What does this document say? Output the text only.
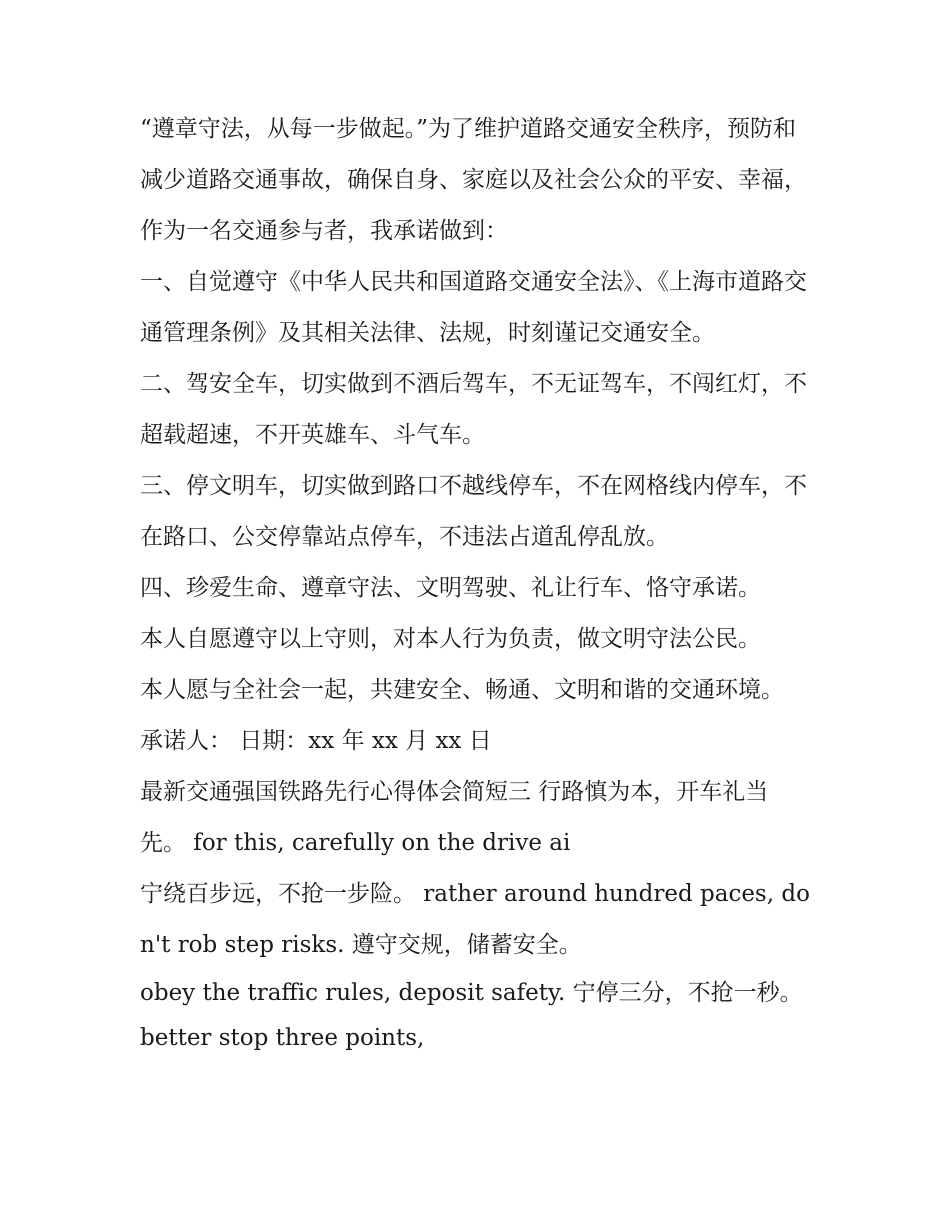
“遵章守法，从每一步做起。”为了维护道路交通安全秩序，预防和减少道路交通事故，确保自身、家庭以及社会公众的平安、幸福，作为一名交通参与者，我承诺做到：

一、自觉遵守《中华人民共和国道路交通安全法》、《上海市道路交通管理条例》及其相关法律、法规，时刻谨记交通安全。

二、驾安全车，切实做到不酒后驾车，不无证驾车，不闯红灯，不超载超速，不开英雄车、斗气车。

三、停文明车，切实做到路口不越线停车，不在网格线内停车，不在路口、公交停靠站点停车，不违法占道乱停乱放。

四、珍爱生命、遵章守法、文明驾驶、礼让行车、恪守承诺。

本人自愿遵守以上守则，对本人行为负责，做文明守法公民。

本人愿与全社会一起，共建安全、畅通、文明和谐的交通环境。 承诺人： 日期：xx 年 xx 月 xx 日

最新交通强国铁路先行心得体会简短三 行路慎为本，开车礼当先。 for this, carefully on the drive ai

宁绕百步远，不抢一步险。 rather around hundred paces, don't rob step risks. 遵守交规，储蓄安全。

obey the traffic rules, deposit safety. 宁停三分，不抢一秒。 better stop three points,
